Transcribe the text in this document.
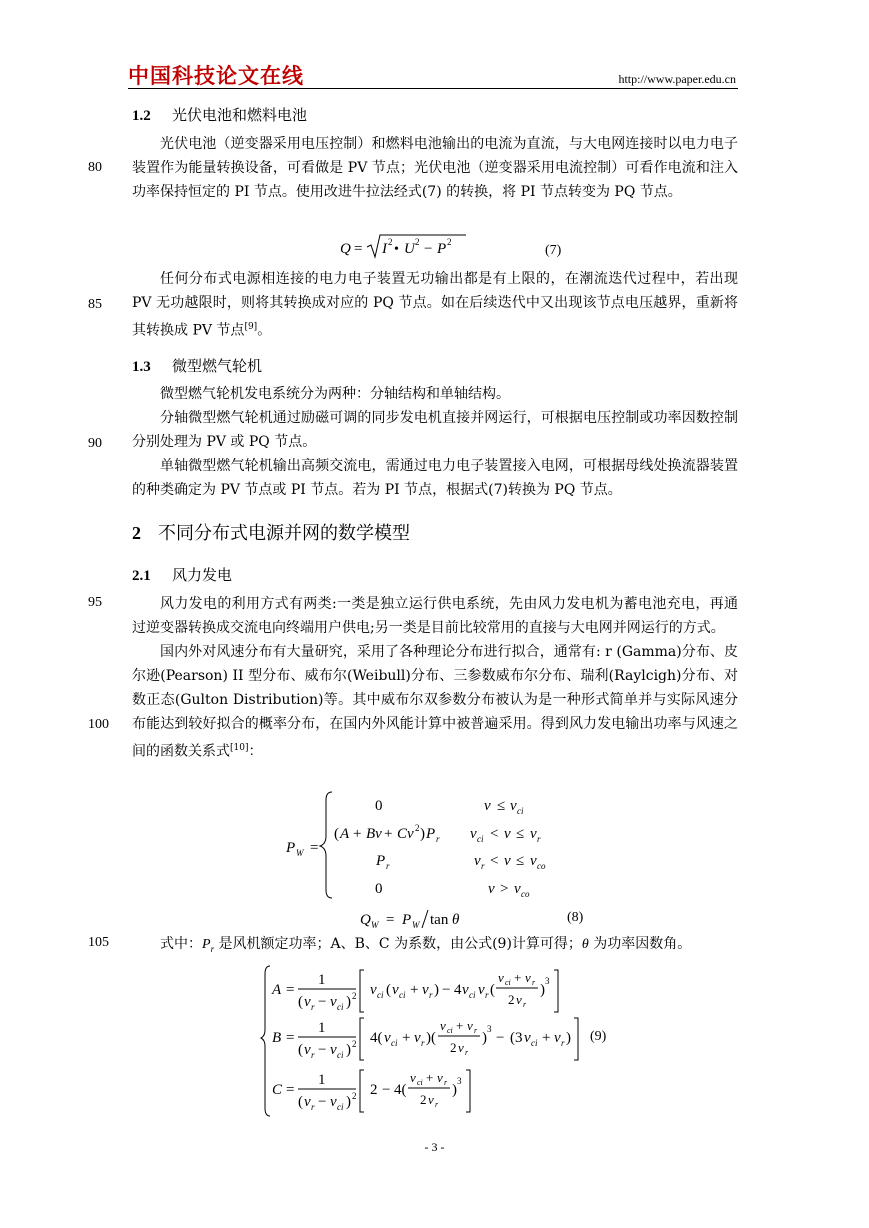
中国科技论文在线	http://www.paper.edu.cn
80
85
90
95
100
105
1.2 光伏电池和燃料电池

光伏电池（逆变器采用电压控制）和燃料电池输出的电流为直流，与大电网连接时以电力电子装置作为能量转换设备，可看做是 PV 节点；光伏电池（逆变器采用电流控制）可看作电流和注入功率保持恒定的 PI 节点。使用改进牛拉法经式(7) 的转换，将 PI 节点转变为 PQ 节点。

Q = I 2 • U 2 − P 2
(7)

任何分布式电源相连接的电力电子装置无功输出都是有上限的，在潮流迭代过程中，若出现 PV 无功越限时，则将其转换成对应的 PQ 节点。如在后续迭代中又出现该节点电压越界，重新将其转换成 PV 节点[9]。

1.3 微型燃气轮机

微型燃气轮机发电系统分为两种：分轴结构和单轴结构。

分轴微型燃气轮机通过励磁可调的同步发电机直接并网运行，可根据电压控制或功率因数控制分别处理为 PV 或 PQ 节点。

单轴微型燃气轮机输出高频交流电，需通过电力电子装置接入电网，可根据母线处换流器装置的种类确定为 PV 节点或 PI 节点。若为 PI 节点，根据式(7)转换为 PQ 节点。

2 不同分布式电源并网的数学模型
2.1 风力发电

风力发电的利用方式有两类:一类是独立运行供电系统，先由风力发电机为蓄电池充电，再通过逆变器转换成交流电向终端用户供电;另一类是目前比较常用的直接与大电网并网运行的方式。

国内外对风速分布有大量研究，采用了各种理论分布进行拟合，通常有: r (Gamma)分布、皮尔逊(Pearson) II 型分布、威布尔(Weibull)分布、三参数威布尔分布、瑞利(Raylcigh)分布、对数正态(Gulton Distribution)等。其中威布尔双参数分布被认为是一种形式简单并与实际风速分布能达到较好拟合的概率分布，在国内外风能计算中被普遍采用。得到风力发电输出功率与风速之间的函数关系式[10]：

P W =
0	v ≤ v ci
( A + Bv + Cv 2 ) P r v ci < v ≤ v r
P r	v r < v ≤ v co
0	v > v co
Q W = P W tan θ	(8)
式中：$P_r$ 是风机额定功率；A、B、C 为系数，由公式(9)计算可得；θ 为功率因数角。
A =
1
( v r − v ci ) 2 v ci ( v ci + v r ) − 4 v ci v r (
v ci + v r
2 v r
)
3
B =
1
( v r − v ci ) 2 4( v ci + v r )(
v ci + v r
2 v r
)
3
− (3 v ci + v r )
C =
1
( v r − v ci ) 2 2 − 4(
v ci + v r
2 v r
)
3
(9)
- 3 -
